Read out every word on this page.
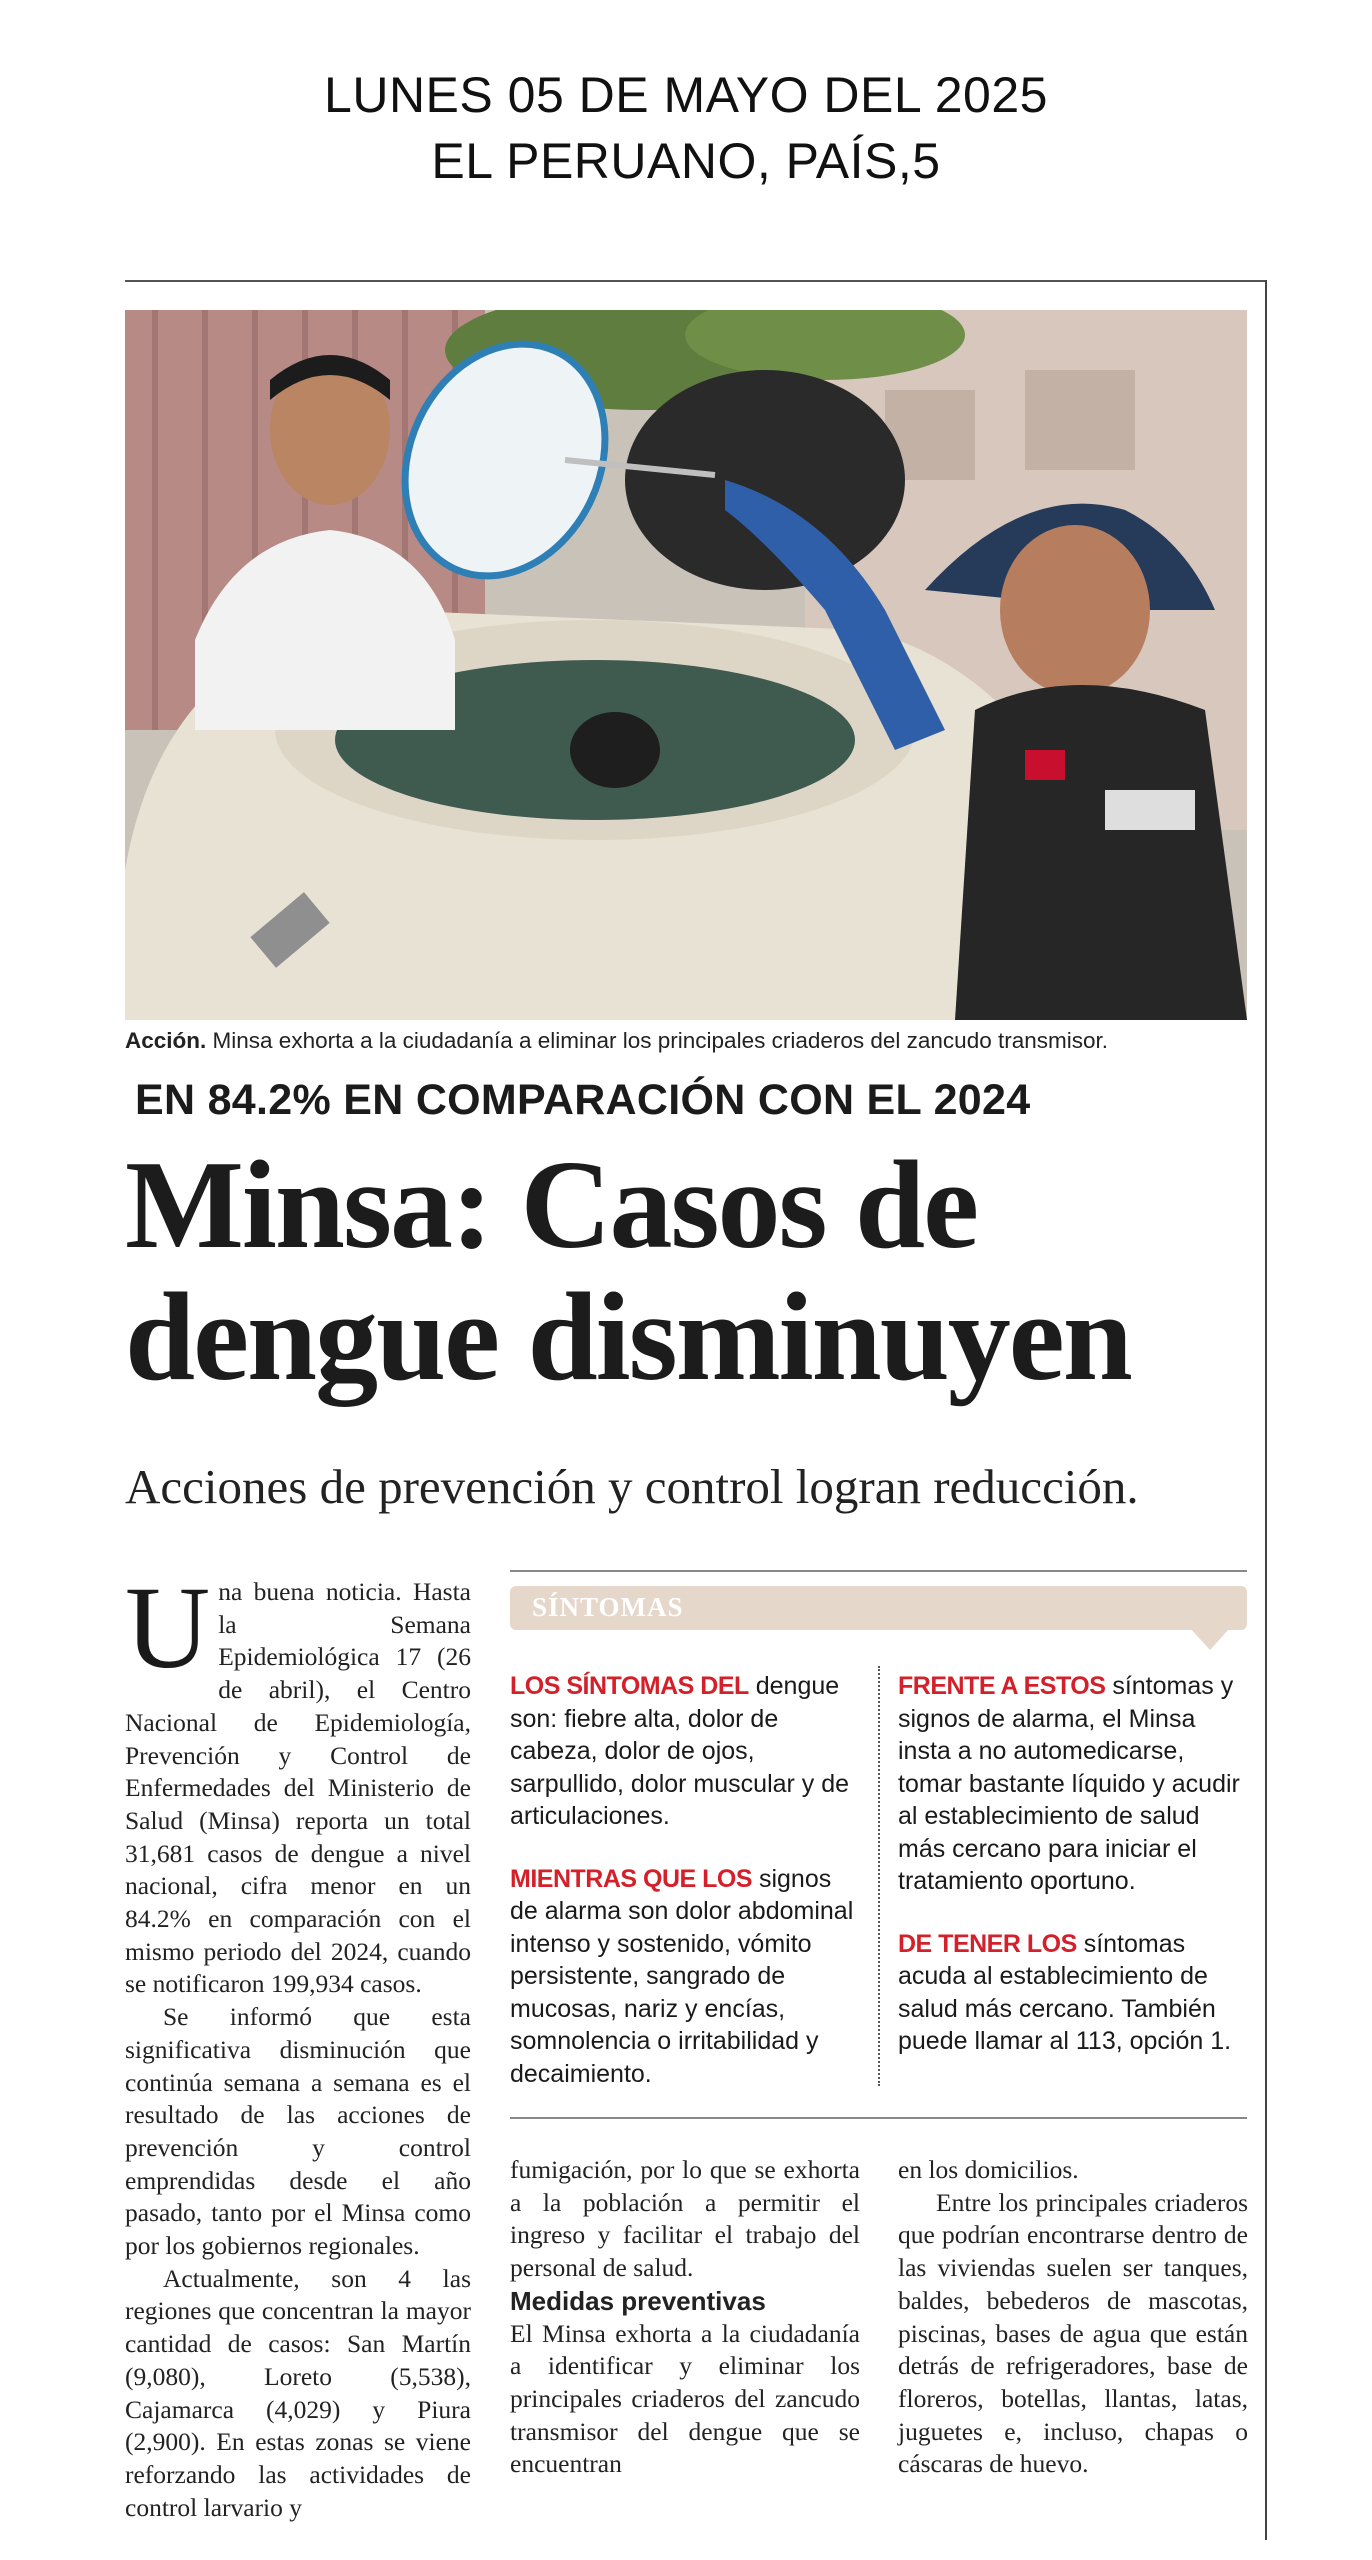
LUNES 05 DE MAYO DEL 2025
EL PERUANO, PAÍS,5
Acción. Minsa exhorta a la ciudadanía a eliminar los principales criaderos del zancudo transmisor.
EN 84.2% EN COMPARACIÓN CON EL 2024
Minsa: Casos de
dengue disminuyen
Acciones de prevención y control logran reducción.

Una buena noticia. Hasta la Semana Epidemiológica 17 (26 de abril), el Centro Nacional de Epidemiología, Prevención y Control de Enfermedades del Ministerio de Salud (Minsa) reporta un total 31,681 casos de dengue a nivel nacional, cifra menor en un 84.2% en comparación con el mismo periodo del 2024, cuando se notificaron 199,934 casos.

Se informó que esta significativa disminución que continúa semana a semana es el resultado de las acciones de prevención y control emprendidas desde el año pasado, tanto por el Minsa como por los gobiernos regionales.

Actualmente, son 4 las regiones que concentran la mayor cantidad de casos: San Martín (9,080), Loreto (5,538), Cajamarca (4,029) y Piura (2,900). En estas zonas se viene reforzando las actividades de control larvario y

SÍNTOMAS

LOS SÍNTOMAS DEL dengue son: fiebre alta, dolor de cabeza, dolor de ojos, sarpullido, dolor muscular y de articulaciones.

MIENTRAS QUE LOS signos de alarma son dolor abdominal intenso y sostenido, vómito persistente, sangrado de mucosas, nariz y encías, somnolencia o irritabilidad y decaimiento.

FRENTE A ESTOS síntomas y signos de alarma, el Minsa insta a no automedicarse, tomar bastante líquido y acudir al establecimiento de salud más cercano para iniciar el tratamiento oportuno.

DE TENER LOS síntomas acuda al establecimiento de salud más cercano. También puede llamar al 113, opción 1.

fumigación, por lo que se exhorta a la población a permitir el ingreso y facilitar el trabajo del personal de salud.

Medidas preventivas

El Minsa exhorta a la ciudadanía a identificar y eliminar los principales criaderos del zancudo transmisor del dengue que se encuentran

en los domicilios.

Entre los principales criaderos que podrían encontrarse dentro de las viviendas suelen ser tanques, baldes, bebederos de mascotas, piscinas, bases de agua que están detrás de refrigeradores, base de floreros, botellas, llantas, latas, juguetes e, incluso, chapas o cáscaras de huevo.
